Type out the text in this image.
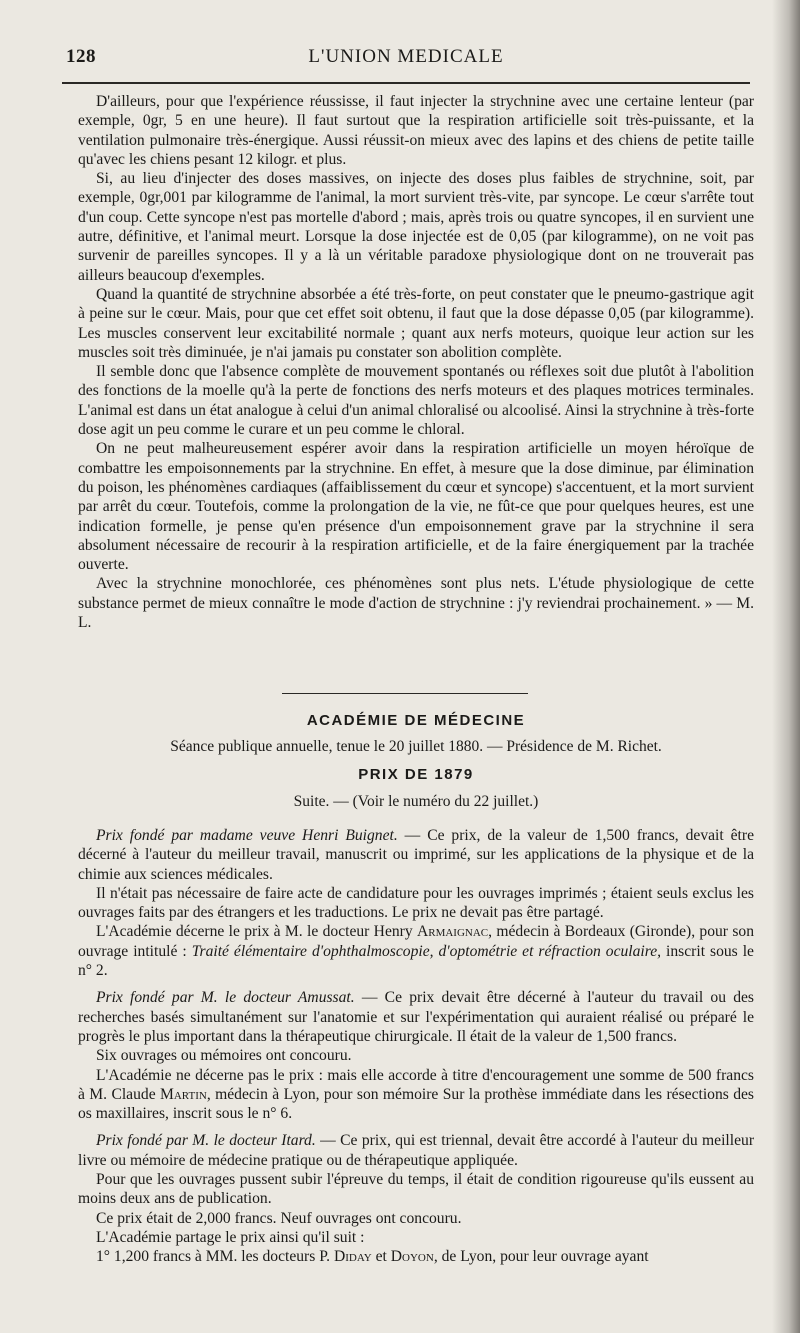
128	L'UNION MEDICALE

D'ailleurs, pour que l'expérience réussisse, il faut injecter la strychnine avec une certaine lenteur (par exemple, 0gr, 5 en une heure). Il faut surtout que la respiration artificielle soit très-puissante, et la ventilation pulmonaire très-énergique. Aussi réussit-on mieux avec des lapins et des chiens de petite taille qu'avec les chiens pesant 12 kilogr. et plus.

Si, au lieu d'injecter des doses massives, on injecte des doses plus faibles de strychnine, soit, par exemple, 0gr,001 par kilogramme de l'animal, la mort survient très-vite, par syncope. Le cœur s'arrête tout d'un coup. Cette syncope n'est pas mortelle d'abord ; mais, après trois ou quatre syncopes, il en survient une autre, définitive, et l'animal meurt. Lorsque la dose injectée est de 0,05 (par kilogramme), on ne voit pas survenir de pareilles syncopes. Il y a là un véritable paradoxe physiologique dont on ne trouverait pas ailleurs beaucoup d'exemples.

Quand la quantité de strychnine absorbée a été très-forte, on peut constater que le pneumo-gastrique agit à peine sur le cœur. Mais, pour que cet effet soit obtenu, il faut que la dose dépasse 0,05 (par kilogramme). Les muscles conservent leur excitabilité normale ; quant aux nerfs moteurs, quoique leur action sur les muscles soit très diminuée, je n'ai jamais pu constater son abolition complète.

Il semble donc que l'absence complète de mouvement spontanés ou réflexes soit due plutôt à l'abolition des fonctions de la moelle qu'à la perte de fonctions des nerfs moteurs et des plaques motrices terminales. L'animal est dans un état analogue à celui d'un animal chloralisé ou alcoolisé. Ainsi la strychnine à très-forte dose agit un peu comme le curare et un peu comme le chloral.

On ne peut malheureusement espérer avoir dans la respiration artificielle un moyen héroïque de combattre les empoisonnements par la strychnine. En effet, à mesure que la dose diminue, par élimination du poison, les phénomènes cardiaques (affaiblissement du cœur et syncope) s'accentuent, et la mort survient par arrêt du cœur. Toutefois, comme la prolongation de la vie, ne fût-ce que pour quelques heures, est une indication formelle, je pense qu'en présence d'un empoisonnement grave par la strychnine il sera absolument nécessaire de recourir à la respiration artificielle, et de la faire énergiquement par la trachée ouverte.

Avec la strychnine monochlorée, ces phénomènes sont plus nets. L'étude physiologique de cette substance permet de mieux connaître le mode d'action de strychnine : j'y reviendrai prochainement. » — M. L.

ACADÉMIE DE MÉDECINE
Séance publique annuelle, tenue le 20 juillet 1880. — Présidence de M. Richet.
PRIX DE 1879
Suite. — (Voir le numéro du 22 juillet.)

Prix fondé par madame veuve Henri Buignet. — Ce prix, de la valeur de 1,500 francs, devait être décerné à l'auteur du meilleur travail, manuscrit ou imprimé, sur les applications de la physique et de la chimie aux sciences médicales.

Il n'était pas nécessaire de faire acte de candidature pour les ouvrages imprimés ; étaient seuls exclus les ouvrages faits par des étrangers et les traductions. Le prix ne devait pas être partagé.

L'Académie décerne le prix à M. le docteur Henry Armaignac, médecin à Bordeaux (Gironde), pour son ouvrage intitulé : Traité élémentaire d'ophthalmoscopie, d'optométrie et réfraction oculaire, inscrit sous le n° 2.

Prix fondé par M. le docteur Amussat. — Ce prix devait être décerné à l'auteur du travail ou des recherches basés simultanément sur l'anatomie et sur l'expérimentation qui auraient réalisé ou préparé le progrès le plus important dans la thérapeutique chirurgicale. Il était de la valeur de 1,500 francs.

Six ouvrages ou mémoires ont concouru.

L'Académie ne décerne pas le prix : mais elle accorde à titre d'encouragement une somme de 500 francs à M. Claude Martin, médecin à Lyon, pour son mémoire Sur la prothèse immédiate dans les résections des os maxillaires, inscrit sous le n° 6.

Prix fondé par M. le docteur Itard. — Ce prix, qui est triennal, devait être accordé à l'auteur du meilleur livre ou mémoire de médecine pratique ou de thérapeutique appliquée.

Pour que les ouvrages pussent subir l'épreuve du temps, il était de condition rigoureuse qu'ils eussent au moins deux ans de publication.

Ce prix était de 2,000 francs. Neuf ouvrages ont concouru.

L'Académie partage le prix ainsi qu'il suit :

1° 1,200 francs à MM. les docteurs P. Diday et Doyon, de Lyon, pour leur ouvrage ayant
